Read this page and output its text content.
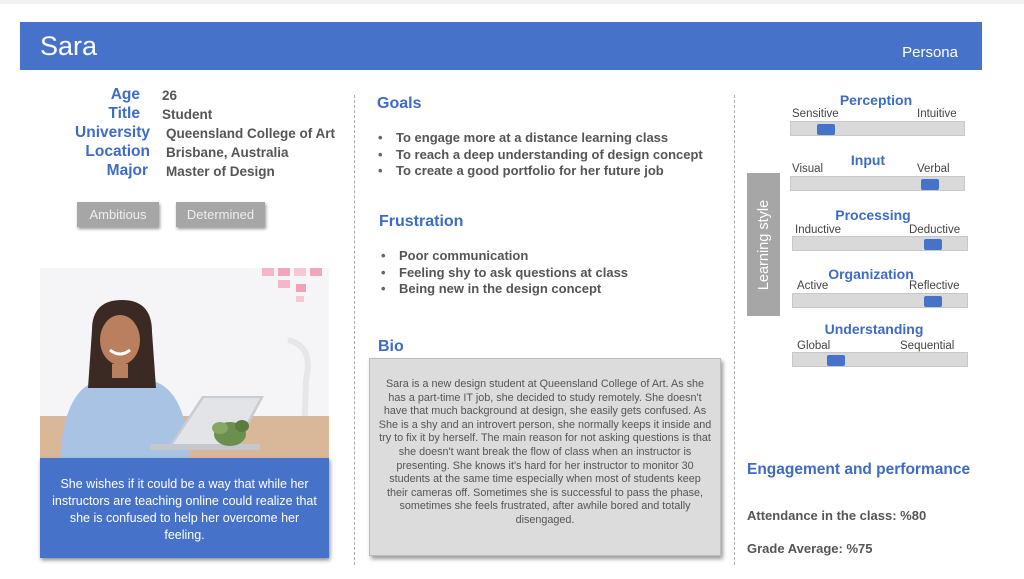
Sara	Persona
Age 26
Title Student
University Queensland College of Art
Location Brisbane, Australia
Major Master of Design
Ambitious	Determined
She wishes if it could be a way that while her instructors are teaching online could realize that she is confused to help her overcome her feeling.
Goals
• To engage more at a distance learning class
• To reach a deep understanding of design concept
• To create a good portfolio for her future job
Frustration
• Poor communication
• Feeling shy to ask questions at class
• Being new in the design concept
Bio
Sara is a new design student at Queensland College of Art. As she has a part-time IT job, she decided to study remotely. She doesn't have that much background at design, she easily gets confused. As She is a shy and an introvert person, she normally keeps it inside and try to fix it by herself. The main reason for not asking questions is that she doesn't want break the flow of class when an instructor is presenting. She knows it's hard for her instructor to monitor 30 students at the same time especially when most of students keep their cameras off. Sometimes she is successful to pass the phase, sometimes she feels frustrated, after awhile bored and totally disengaged.
Learning style
Perception
Sensitive	Intuitive
Input
Visual	Verbal
Processing
Inductive	Deductive
Organization
Active	Reflective
Understanding
Global	Sequential
Engagement and performance
Attendance in the class: %80
Grade Average: %75
